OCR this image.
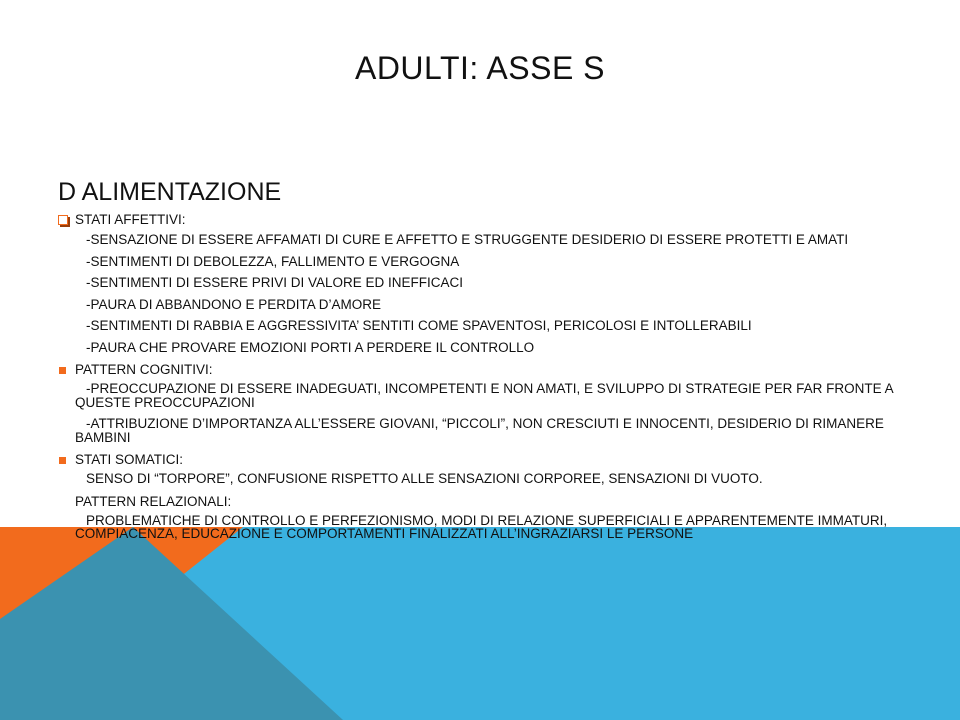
ADULTI: ASSE S
D ALIMENTAZIONE
STATI AFFETTIVI:
-SENSAZIONE DI ESSERE AFFAMATI DI CURE E AFFETTO E STRUGGENTE DESIDERIO DI ESSERE PROTETTI E AMATI
-SENTIMENTI DI DEBOLEZZA, FALLIMENTO E VERGOGNA
-SENTIMENTI DI ESSERE PRIVI DI VALORE ED INEFFICACI
-PAURA DI ABBANDONO E PERDITA D’AMORE
-SENTIMENTI DI RABBIA E AGGRESSIVITA’ SENTITI COME SPAVENTOSI, PERICOLOSI E INTOLLERABILI
-PAURA CHE PROVARE EMOZIONI PORTI A PERDERE IL CONTROLLO
PATTERN COGNITIVI:
-PREOCCUPAZIONE DI ESSERE INADEGUATI, INCOMPETENTI E NON AMATI, E SVILUPPO DI STRATEGIE PER FAR FRONTE A QUESTE PREOCCUPAZIONI
-ATTRIBUZIONE D’IMPORTANZA ALL’ESSERE GIOVANI, “PICCOLI”, NON CRESCIUTI E INNOCENTI, DESIDERIO DI RIMANERE BAMBINI
STATI SOMATICI:
SENSO DI “TORPORE”, CONFUSIONE RISPETTO ALLE SENSAZIONI CORPOREE, SENSAZIONI DI VUOTO.
PATTERN RELAZIONALI:
PROBLEMATICHE DI CONTROLLO E PERFEZIONISMO, MODI DI RELAZIONE SUPERFICIALI E APPARENTEMENTE IMMATURI, COMPIACENZA, EDUCAZIONE E COMPORTAMENTI FINALIZZATI ALL’INGRAZIARSI LE PERSONE
